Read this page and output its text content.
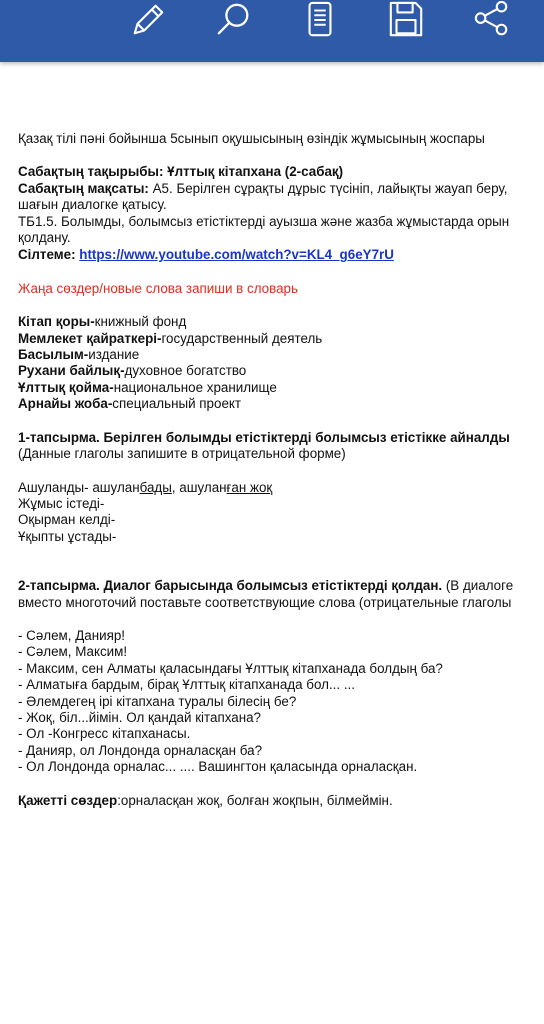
Қазақ тілі пәні бойынша 5сынып оқушысының өзіндік жұмысының жоспары

Сабақтың тақырыбы: Ұлттық кітапхана (2-сабақ)

Сабақтың мақсаты: А5. Берілген сұрақты дұрыс түсініп, лайықты жауап беру,

шағын диалогке қатысу.

ТБ1.5. Болымды, болымсыз етістіктерді ауызша және жазба жұмыстарда орын

қолдану.

Сілтеме: https://www.youtube.com/watch?v=KL4_g6eY7rU

Жаңа сөздер/новые слова запиши в словарь

Кітап қоры-книжный фонд

Мемлекет қайраткері-государственный деятель

Басылым-издание

Рухани байлық-духовное богатство

Ұлттық қойма-национальное хранилище

Арнайы жоба-специальный проект

1-тапсырма. Берілген болымды етістіктерді болымсыз етістікке айналды

(Данные глаголы запишите в отрицательной форме)

Ашуланды- ашуланбады, ашуланған жоқ

Жұмыс істеді-

Оқырман келді-

Ұқыпты ұстады-

2-тапсырма. Диалог барысында болымсыз етістіктерді қолдан. (В диалоге

вместо многоточий поставьте соответствующие слова (отрицательные глаголы

- Сәлем, Данияр!

- Сәлем, Максим!

- Максим, сен Алматы қаласындағы Ұлттық кітапханада болдың ба?

- Алматыға бардым, бірақ Ұлттық кітапханада бол... ...

- Әлемдегең ірі кітапхана туралы білесің бе?

- Жоқ, біл...йімін. Ол қандай кітапхана?

- Ол -Конгресс кітапханасы.

- Данияр, ол Лондонда орналасқан ба?

- Ол Лондонда орналас... .... Вашингтон қаласында орналасқан.

Қажетті сөздер:орналасқан жоқ, болған жоқпын, білмеймін.
